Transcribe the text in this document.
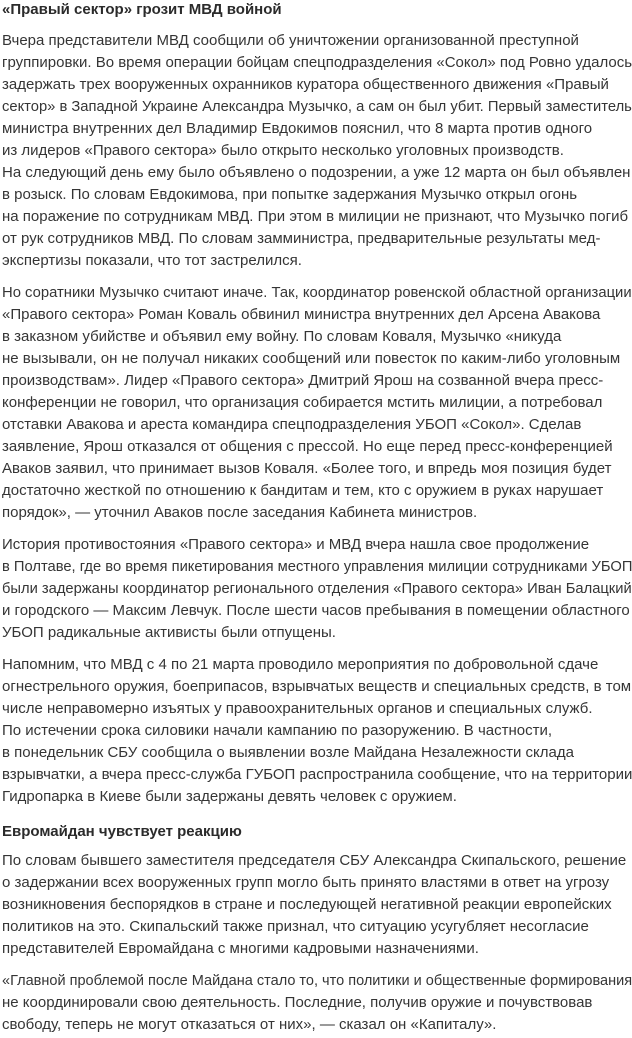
«Правый сектор» грозит МВД войной
Вчера представители МВД сообщили об уничтожении организованной преступной
группировки. Во время операции бойцам спецподразделения «Сокол» под Ровно удалось
задержать трех вооруженных охранников куратора общественного движения «Правый
сектор» в Западной Украине Александра Музычко, а сам он был убит. Первый заместитель
министра внутренних дел Владимир Евдокимов пояснил, что 8 марта против одного
из лидеров «Правого сектора» было открыто несколько уголовных производств.
На следующий день ему было объявлено о подозрении, а уже 12 марта он был объявлен
в розыск. По словам Евдокимова, при попытке задержания Музычко открыл огонь
на поражение по сотрудникам МВД. При этом в милиции не признают, что Музычко погиб
от рук сотрудников МВД. По словам замминистра, предварительные результаты мед-
экспертизы показали, что тот застрелился.
Но соратники Музычко считают иначе. Так, координатор ровенской областной организации
«Правого сектора» Роман Коваль обвинил министра внутренних дел Арсена Авакова
в заказном убийстве и объявил ему войну. По словам Коваля, Музычко «никуда
не вызывали, он не получал никаких сообщений или повесток по каким-либо уголовным
производствам». Лидер «Правого сектора» Дмитрий Ярош на созванной вчера пресс-
конференции не говорил, что организация собирается мстить милиции, а потребовал
отставки Авакова и ареста командира спецподразделения УБОП «Сокол». Сделав
заявление, Ярош отказался от общения с прессой. Но еще перед пресс-конференцией
Аваков заявил, что принимает вызов Коваля. «Более того, и впредь моя позиция будет
достаточно жесткой по отношению к бандитам и тем, кто с оружием в руках нарушает
порядок», — уточнил Аваков после заседания Кабинета министров.
История противостояния «Правого сектора» и МВД вчера нашла свое продолжение
в Полтаве, где во время пикетирования местного управления милиции сотрудниками УБОП
были задержаны координатор регионального отделения «Правого сектора» Иван Балацкий
и городского — Максим Левчук. После шести часов пребывания в помещении областного
УБОП радикальные активисты были отпущены.
Напомним, что МВД с 4 по 21 марта проводило мероприятия по добровольной сдаче
огнестрельного оружия, боеприпасов, взрывчатых веществ и специальных средств, в том
числе неправомерно изъятых у правоохранительных органов и специальных служб.
По истечении срока силовики начали кампанию по разоружению. В частности,
в понедельник СБУ сообщила о выявлении возле Майдана Незалежности склада
взрывчатки, а вчера пресс-служба ГУБОП распространила сообщение, что на территории
Гидропарка в Киеве были задержаны девять человек с оружием.
Евромайдан чувствует реакцию
По словам бывшего заместителя председателя СБУ Александра Скипальского, решение
о задержании всех вооруженных групп могло быть принято властями в ответ на угрозу
возникновения беспорядков в стране и последующей негативной реакции европейских
политиков на это. Скипальский также признал, что ситуацию усугубляет несогласие
представителей Евромайдана с многими кадровыми назначениями.
«Главной проблемой после Майдана стало то, что политики и общественные формирования
не координировали свою деятельность. Последние, получив оружие и почувствовав
свободу, теперь не могут отказаться от них», — сказал он «Капиталу».
